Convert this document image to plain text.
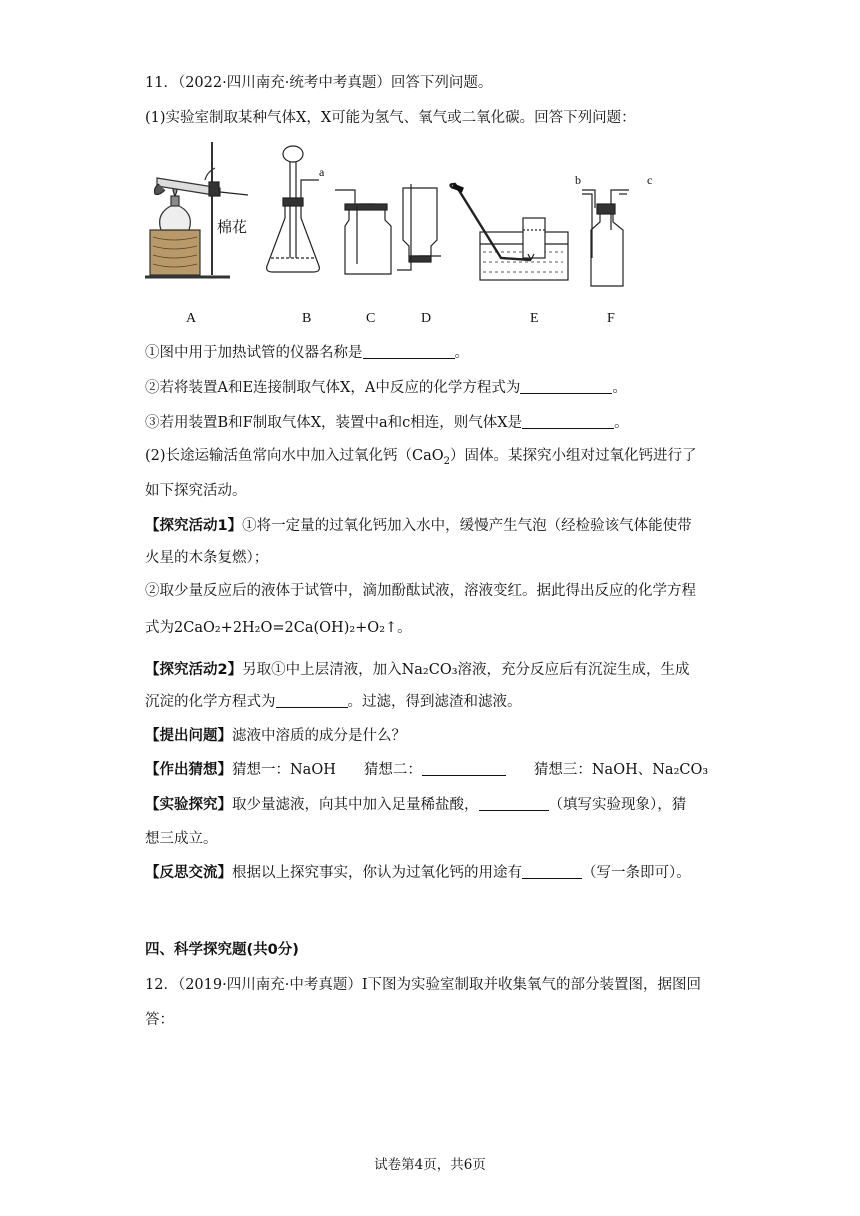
11．（2022·四川南充·统考中考真题）回答下列问题。
(1)实验室制取某种气体X，X可能为氢气、氧气或二氧化碳。回答下列问题：
棉花
a
b	c
A	B	C	D	E	F
①图中用于加热试管的仪器名称是	。
②若将装置A和E连接制取气体X，A中反应的化学方程式为	。
③若用装置B和F制取气体X，装置中a和c相连，则气体X是	。
(2)长途运输活鱼常向水中加入过氧化钙（CaO$_2$）固体。某探究小组对过氧化钙进行了
如下探究活动。
【探究活动1】①将一定量的过氧化钙加入水中，缓慢产生气泡（经检验该气体能使带
火星的木条复燃）；
②取少量反应后的液体于试管中，滴加酚酞试液，溶液变红。据此得出反应的化学方程
式为2CaO₂+2H₂O=2Ca(OH)₂+O₂↑。
【探究活动2】另取①中上层清液，加入Na₂CO₃溶液，充分反应后有沉淀生成，生成
沉淀的化学方程式为	。过滤，得到滤渣和滤液。
【提出问题】滤液中溶质的成分是什么？
【作出猜想】猜想一：NaOH 猜想二：	猜想三：NaOH、Na₂CO₃
【实验探究】取少量滤液，向其中加入足量稀盐酸，	（填写实验现象），猜
想三成立。
【反思交流】根据以上探究事实，你认为过氧化钙的用途有	（写一条即可）。
四、科学探究题(共0分)
12．（2019·四川南充·中考真题）I下图为实验室制取并收集氧气的部分装置图，据图回
答：
试卷第4页，共6页
